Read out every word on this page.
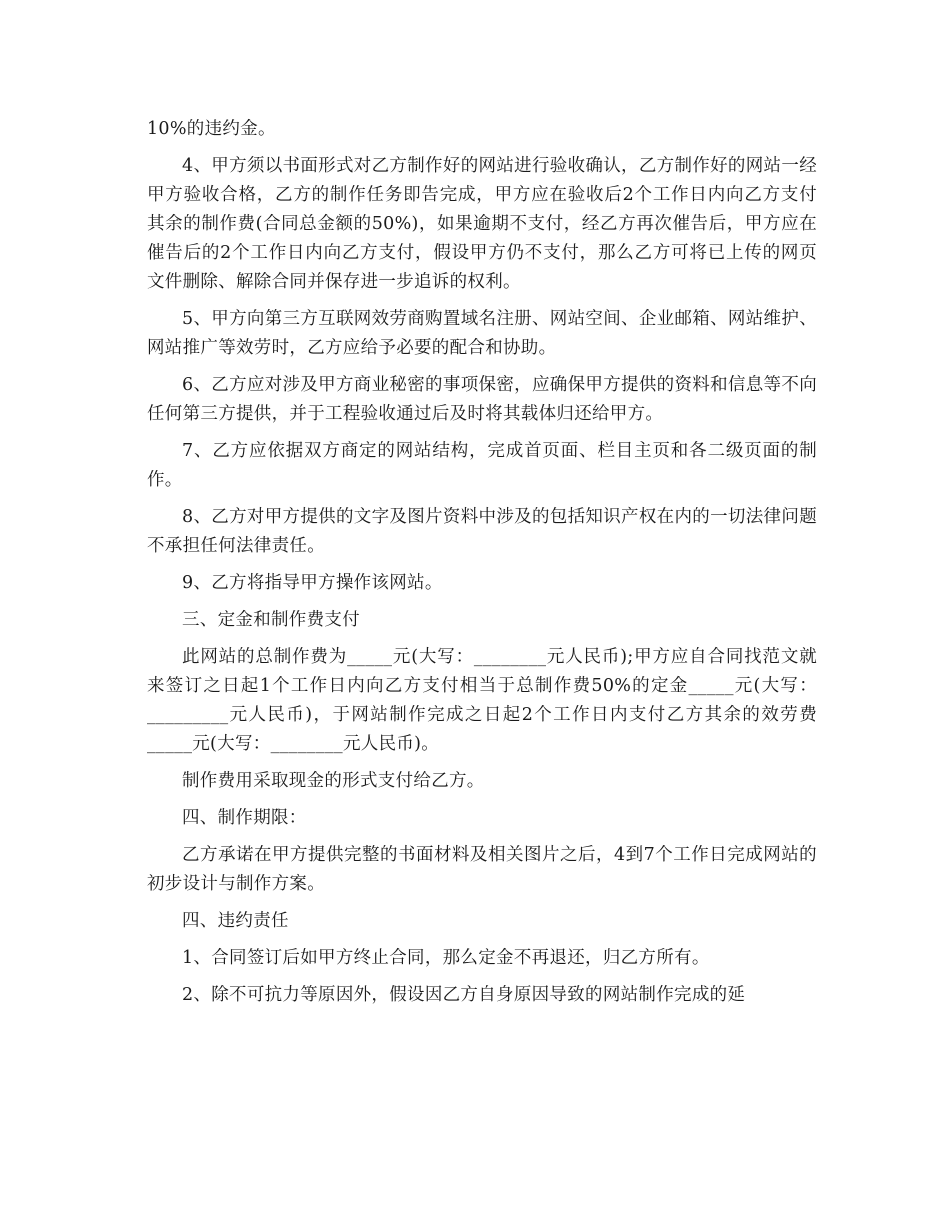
10%的违约金。

4、甲方须以书面形式对乙方制作好的网站进行验收确认，乙方制作好的网站一经甲方验收合格，乙方的制作任务即告完成，甲方应在验收后2个工作日内向乙方支付其余的制作费(合同总金额的50%)，如果逾期不支付，经乙方再次催告后，甲方应在催告后的2个工作日内向乙方支付，假设甲方仍不支付，那么乙方可将已上传的网页文件删除、解除合同并保存进一步追诉的权利。

5、甲方向第三方互联网效劳商购置域名注册、网站空间、企业邮箱、网站维护、网站推广等效劳时，乙方应给予必要的配合和协助。

6、乙方应对涉及甲方商业秘密的事项保密，应确保甲方提供的资料和信息等不向任何第三方提供，并于工程验收通过后及时将其载体归还给甲方。

7、乙方应依据双方商定的网站结构，完成首页面、栏目主页和各二级页面的制作。

8、乙方对甲方提供的文字及图片资料中涉及的包括知识产权在内的一切法律问题不承担任何法律责任。

9、乙方将指导甲方操作该网站。

三、定金和制作费支付

此网站的总制作费为_____元(大写：________元人民币);甲方应自合同找范文就来签订之日起1个工作日内向乙方支付相当于总制作费50%的定金_____元(大写：_________元人民币)，于网站制作完成之日起2个工作日内支付乙方其余的效劳费_____元(大写：________元人民币)。

制作费用采取现金的形式支付给乙方。

四、制作期限：

乙方承诺在甲方提供完整的书面材料及相关图片之后，4到7个工作日完成网站的初步设计与制作方案。

四、违约责任

1、合同签订后如甲方终止合同，那么定金不再退还，归乙方所有。

2、除不可抗力等原因外，假设因乙方自身原因导致的网站制作完成的延
